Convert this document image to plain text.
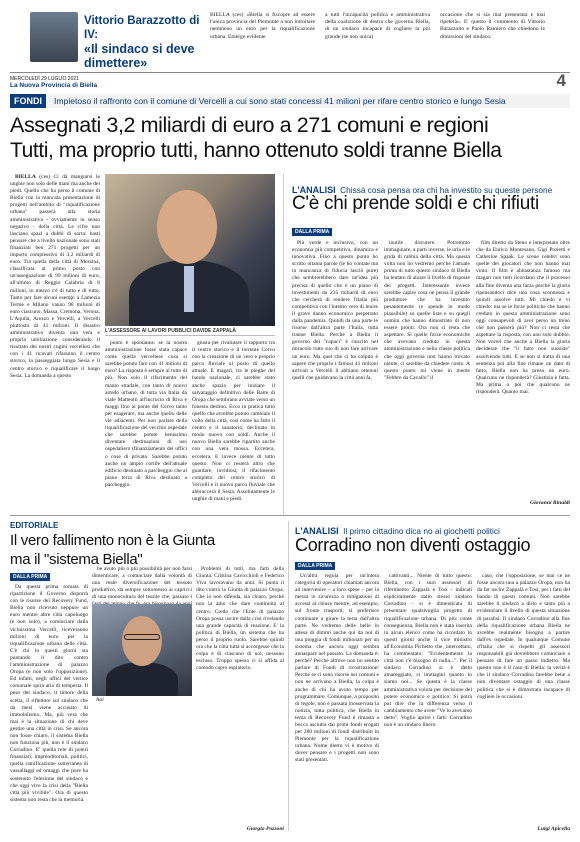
Vittorio Barazzotto di IV:
«Il sindaco si deve dimettere»
BIELLA (ces) «Biella si fiscopre ad essere l'unica provincia del Piemonte a non introitare nemmeno un euro per la riqualificazione urbana. Emerge evidente
a tutti l'incapacità politica e amministrativa della coalizione di destra che governa Biella, di un sindaco incapace di cogliere la più grande (se non unica)
occasione che si sia mai presentata e mai ripeterà». E' questo il commento di Vittorio Barazzotto e Paolo Ramiero che chiedono le dimissioni del sindaco.
MERCOLEDÌ 29 LUGLIO 2021
La Nuova Provincia di Biella	4
FONDI	Impietoso il raffronto con il comune di Vercelli a cui sono stati concessi 41 milioni per rifare centro storico e lungo Sesia
Assegnati 3,2 miliardi di euro a 271 comuni e regioni
Tutti, ma proprio tutti, hanno ottenuto soldi tranne Biella

BIELLA (ces) Ci dà mangiarsi le unghie non solo delle mani ma anche dei piedi. Quello che ha perso il comune di Biella con la mancata presentazione di progetti nell'ambito di "riqualificazione urbana" passerà alla storia amministrativa - ovviamente in senso negativo - della città. Le cifre non lasciano spazi a dubbi di sorta: basti pensare che a livello nazionale sono stati finanziati ben 271 progetti per un importo complessivo di 3,2 miliardi di euro. Tra quella della città di Messina, classificata al primo posto con un'assegnazione di 99 milioni di euro, all'ultimo di Reggio Calabria di 8 milioni, in mezzo c'è di tutto e di tutto. Tanto per fare alcuni esempi a Lamezia Terme e Milano vanno 98 milioni di euro ciascuno, Massa, Cremona, Verona, L'Aquila, Arezzo e Vercelli, a Vercelli piuttosto di 41 milioni. Il disastro amministrativo diventa una vera e propria umiliazione considerando il risultato dei nostri cugini vercellesi che con i 41 ricavati rifaranno il centro storico, la passeggiata lungo Sesia e il centro storico e riqualificare il lungo Sesia. La domanda a questo

L'ASSESSORE AI LAVORI PUBBLICI DAVIDE ZAPPALÀ

punto è spontanea: se la nostra amministrazione fosse stata capace come quella vercellese cosa si sarebbe potuto fare con 41 milioni di euro? La risposta è sempre al tutto di più. Non solo il rifacimento del manto stradale, con tanto di nuovo arredo urbano, di tutta via Italia da viale Matteotti all'incrocio di Riva e maggi fino al ponte del Cervo tanto per esagerare, ma anche quello delle vie adiacenti. Per non parlare della riqualificazione del vecchio ospedale che sarebbe potute benissimo diventare destinazioni di uso ospedaliero (finanziamento dei uffici o cose di privato. Sarebbe potuto anche un ampio cortile dell'attuale edificio destinato a parcheggio che al piano terra di Riva destinato a parcheggio.

giusta per rivalutare il rapporto tra il centro storico e il torrente Cervo con la creazione di un vero e proprio parco fluviale al posto di quello attuale. E magari, tra le pieghe del bando nazionale, ci sarebbe stato anche spazio per iniziare il salvataggio definitivo delle Baite di Oropa che sembrano avviate verso un funesto destino. Ecco in pratica tutto quello che avrebbe potuto cambiare il volto della città, cosi come ha fatto il centro e il sanatorio, declinato in modo nuovo con soldi. Anche il nuovo Biella sarebbe ripartito anche con una vera mossa. Eccetera, eccetera. E invece niente di tutto questo. Non ci resterà altro che guardare, invidiosi, il rifacimento completo del centro storico di Vercelli e il nuovo parco fluviale che abbraccerà il Sesia. Assolutamente le unghie di mani e piedi.

L'ANALISI Chissà cosa pensa ora chi ha investito su queste persone
C'è chi prende soldi e chi rifiuti
DALLA PRIMA

Più verde e inclusivo, con un economia più competitiva, dinamica e innovativa. Fino a questo punto ho scritto ottanta parole (le ho contate ma in mancanza di fiducia lasciò pure) che sembrerebbero dare un'idea più precisa di quello che è un piano di investimenti da 235 miliardi di euro che cercherà di rendere l'Italia più competitiva con l'intento vero di lenire il grave danno economico perpetrato dalla pandemia. Quindi da una parte le risorse dall'altra parte l'Italia, tutta tranne Biella. Perché a Biella il governo dei "capaci" è riuscito nel miracolo tutto suo di non fare arrivare un euro. Ma quel che ci ha colpito è sapere che proprio i famosi 41 milioni arrivati a Vercelli li abbiano ottenuti quelli che guidavano la città anni fa.

inutile discutere. Potremmo immaginare, a parti inverse, le urla e le grida di rabbia della città. Ma questa volta non ho vedremo perché l'attuale prima di tutto questo sindaco di Biella ha tentato di alzare il livello di risposte dei progetti. Interessante invece sarebbe capire cosa ne pensa il grande produttore che ha investito pesantemente (e spende in modo plausibile) su quelle liste e su quegli uomini che hanno dimostrato di non essere pronti. Ora non ci resta che aspettare. Si quelle forze economiche che avevano creduto in questa amministrazione e nella classe politica che oggi governa non hanno trovato niente, ci sarebbe da chiedere conto. A questo punto mi viene in mente "Febbre da Cavallo" il

film diretto da Steno e interpretato oltre che da Enrico Montesano, Gigi Proietti e Catherine Spaak. Le scene celebri sono quelle dei giocatori che non hanno mai vinto. Il film è abbastanza famoso ma magari non tutti ricordano che il processo alla fine diventa una farsa perché la giuria ripensandoci dice una cosa sconnessa e quindi assolve tutti. Mi chiedo e vi chiedo: ma se le forze politiche che hanno creduto in questa amministrazione sono oggi consapevoli di aver perso un treno che non passerà più? Non ci resta che aspettare la risposta, con uno solo dubbio. Non vorrei che anche a Biella la giuria decidesse che "il fatto non sussiste" assolvendo tutti. E se non si tratta di una sentenza poi alla fine rimane un dato di fatto, Biella non ha preso un euro. Qualcuno ne risponderà? Giustizia è fatta. Ma prima o poi che qualcuno ne risponderà. Quanto mai.

Giovanni Rinaldi
EDITORIALE
Il vero fallimento non è la Giunta
ma il "sistema Biella"
DALLA PRIMA

Da questa prima tornata di ripartizione il Governo disporrà con le risorse del Recovery Fund, Biella non ricevuto neppure un euro mentre altre città capoluogo (e non solo), a cominciare dalla vicinissima Vercelli, riceveranno milioni di euro per la riqualificazione urbana delle città. C'è chi in questi giorni sta puntando il dito contro l'amministrazione di palazzo Oropa (e non solo l'opposizione). Ed infatti, negli uffici del vertice comunale spira aria di tempesta. Il peso del sindaco, il timore della scelta, il riflettore sul sindaco che da mesi viene accusato di immobilismo. Ma, più vera che mai è la situazione di chi deve gestire una città in crisi. Se ancora non fosse chiaro, il sistema Biella non funziona più, non è il sindaco Corradino. E' quella rete di poteri finanziari, imprenditoriali, politici, quella ramificazione sotterranea di vassallaggi ed omaggi che pure ha sostenuto l'elezione del sindaco e che oggi vive la crisi della "Biella città più vivibile". Ora di questo sistema non resta che la memoria.

be avuto più o più possibilità per non farsi dimenticare, a cominciare dalla volontà di una reale diversificazione del tessuto produttivo, da sempre sottomesso ai capricci di una monocultura del tessile che, passato i

Asti

Problemi di tutti, ma fatti della Giunta. Cristina Cavicchioli e Federico Viva lavoravano da anni. Si punta il dito contro la Giunta di palazzo Oropa. Che io non difenda, sia chiaro, perché non la amo che dare continuità al centro. Credo che l'Ente di palazzo Oropa possa uscire dalla crisi rivelando una grande capacità di reazione. E' la politica di Biella, un sistema che ha perso il proprio ruolo. Sarebbe quindi ora che la città tutta si accorgesse che la colpa è di ciascuno di noi, nessuno escluso. Troppo spesso ci si affida al comodo capro espiatorio.

Giorgio Pozzoni
L'ANALISI Il primo cittadino dica no ai giochetti politici
Corradino non diventi ostaggio
DALLA PRIMA

Un'altra regola per un'intera categoria di operatori chiamati ancora ad intervenire – a loro spese – per la messa in sicurezza o mitigazioni di accessi al chiuso mentre, ad esempio, sul fronte trasporti, si preferisce continuare a girare la testa dall'altra parte. Ne vedremo delle belle in attesa di dimmi anche qui da noi di una pioggia di fondi milionari per un sistema che ancora oggi sembra annaspare nel passato. La domanda è: perché? Perché altrove non ho sentito parlare di Fondi di ricostruzione! Perché se ci sono risorse nei comuni e non ne arrivano a Biella, la colpa è anche di chi ha avuto tempo per programmare. Comunque, a proposito di regole, non è passata inosservata la notizia, tutta politica, che Biella in tema di Recovery Fund è rimasta a bocca asciutta dai primi fondi erogati per 280 milioni di fondi distribuiti in Piemonte per la riqualificazione urbana. Nome dietro vi è motivo di dover pensare e i progetti non sono stati presentati.

cattivanti... Niente di tutto questo: Biella, con i suoi assessori di riferimento Zappalà e Tosi - indicati esplicitamente dallo stesso sindaco Corradino - si è dimenticata di presentare qualsivoglia progetto di riqualificazione urbana. Di più: come conseguenza, Biella non è stata inserita in alcun elenco come ha ricordato in questi giorni anche il vice ministro all'Economia Pichetto che, intercettato, ha commentato: "Evidentemente la città non c'è bisogno di nulla...". Per il sindaco Corradino si è detto amareggiato, si immagini quanto lo siamo noi... Se questa è la classe amministrativa voluta per decisione del potere economico e politico: Si potrà pur dire che la differenza verso il cambiamento che avete "Ve lo avevamo detto". Voglio aprire i fatti: Corradino non è un sindaco libero.

caso, che l'opposizione, se mai ce ne fosse ancora una a palazzo Oropa, non ha da far uscire Zappalà e Tosi, per i fatti del bando di questi comuni. Non sarebbe sarebbe il sindaco a dirlo e tanto più a evidenziare il livello di questa situazione di paralisi. Il sindaco Corradino alla fine della riqualificazione urbana Biella ne avrebbe realmente bisogno a partire dall'ex ospedale. In qualunque Comune d'Italia che si rispetti gli assessori responsabili già dovrebbero cominciare a pensare di fare un passo indietro. Ma questo non è il caso di Biella: la verità è che il sindaco Corradino farebbe bene a non diventare ostaggio di una classe politica che si è dimostrata incapace di cogliere le occasioni.

Luigi Apicella
